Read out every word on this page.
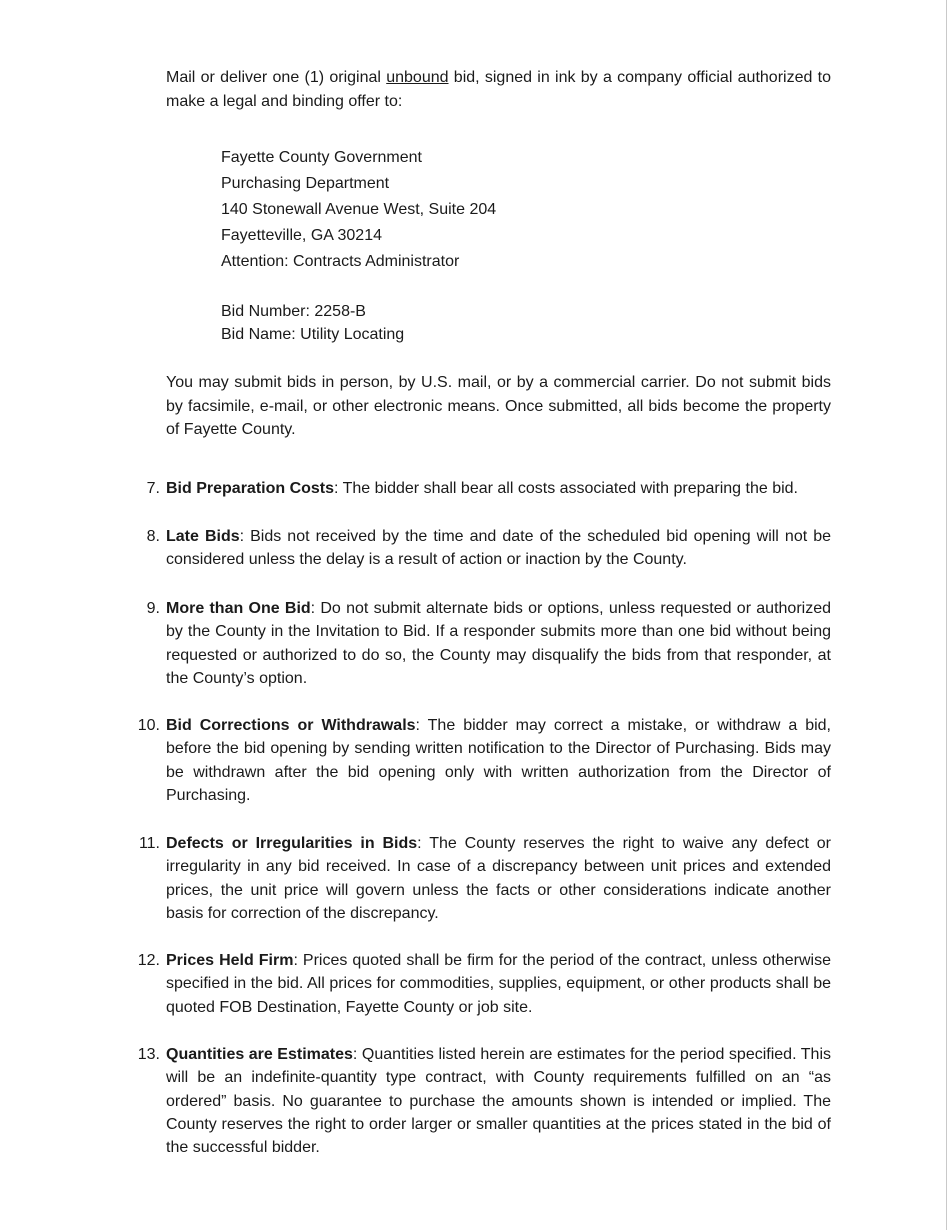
Mail or deliver one (1) original unbound bid, signed in ink by a company official authorized to make a legal and binding offer to:

Fayette County Government
Purchasing Department
140 Stonewall Avenue West, Suite 204
Fayetteville, GA 30214
Attention: Contracts Administrator
Bid Number: 2258-B
Bid Name: Utility Locating

You may submit bids in person, by U.S. mail, or by a commercial carrier. Do not submit bids by facsimile, e-mail, or other electronic means. Once submitted, all bids become the property of Fayette County.

7. Bid Preparation Costs: The bidder shall bear all costs associated with preparing the bid.
8. Late Bids: Bids not received by the time and date of the scheduled bid opening will not be considered unless the delay is a result of action or inaction by the County.
9. More than One Bid: Do not submit alternate bids or options, unless requested or authorized by the County in the Invitation to Bid. If a responder submits more than one bid without being requested or authorized to do so, the County may disqualify the bids from that responder, at the County’s option.
10. Bid Corrections or Withdrawals: The bidder may correct a mistake, or withdraw a bid, before the bid opening by sending written notification to the Director of Purchasing. Bids may be withdrawn after the bid opening only with written authorization from the Director of Purchasing.
11. Defects or Irregularities in Bids: The County reserves the right to waive any defect or irregularity in any bid received. In case of a discrepancy between unit prices and extended prices, the unit price will govern unless the facts or other considerations indicate another basis for correction of the discrepancy.
12. Prices Held Firm: Prices quoted shall be firm for the period of the contract, unless otherwise specified in the bid. All prices for commodities, supplies, equipment, or other products shall be quoted FOB Destination, Fayette County or job site.
13. Quantities are Estimates: Quantities listed herein are estimates for the period specified. This will be an indefinite-quantity type contract, with County requirements fulfilled on an “as ordered” basis. No guarantee to purchase the amounts shown is intended or implied. The County reserves the right to order larger or smaller quantities at the prices stated in the bid of the successful bidder.
